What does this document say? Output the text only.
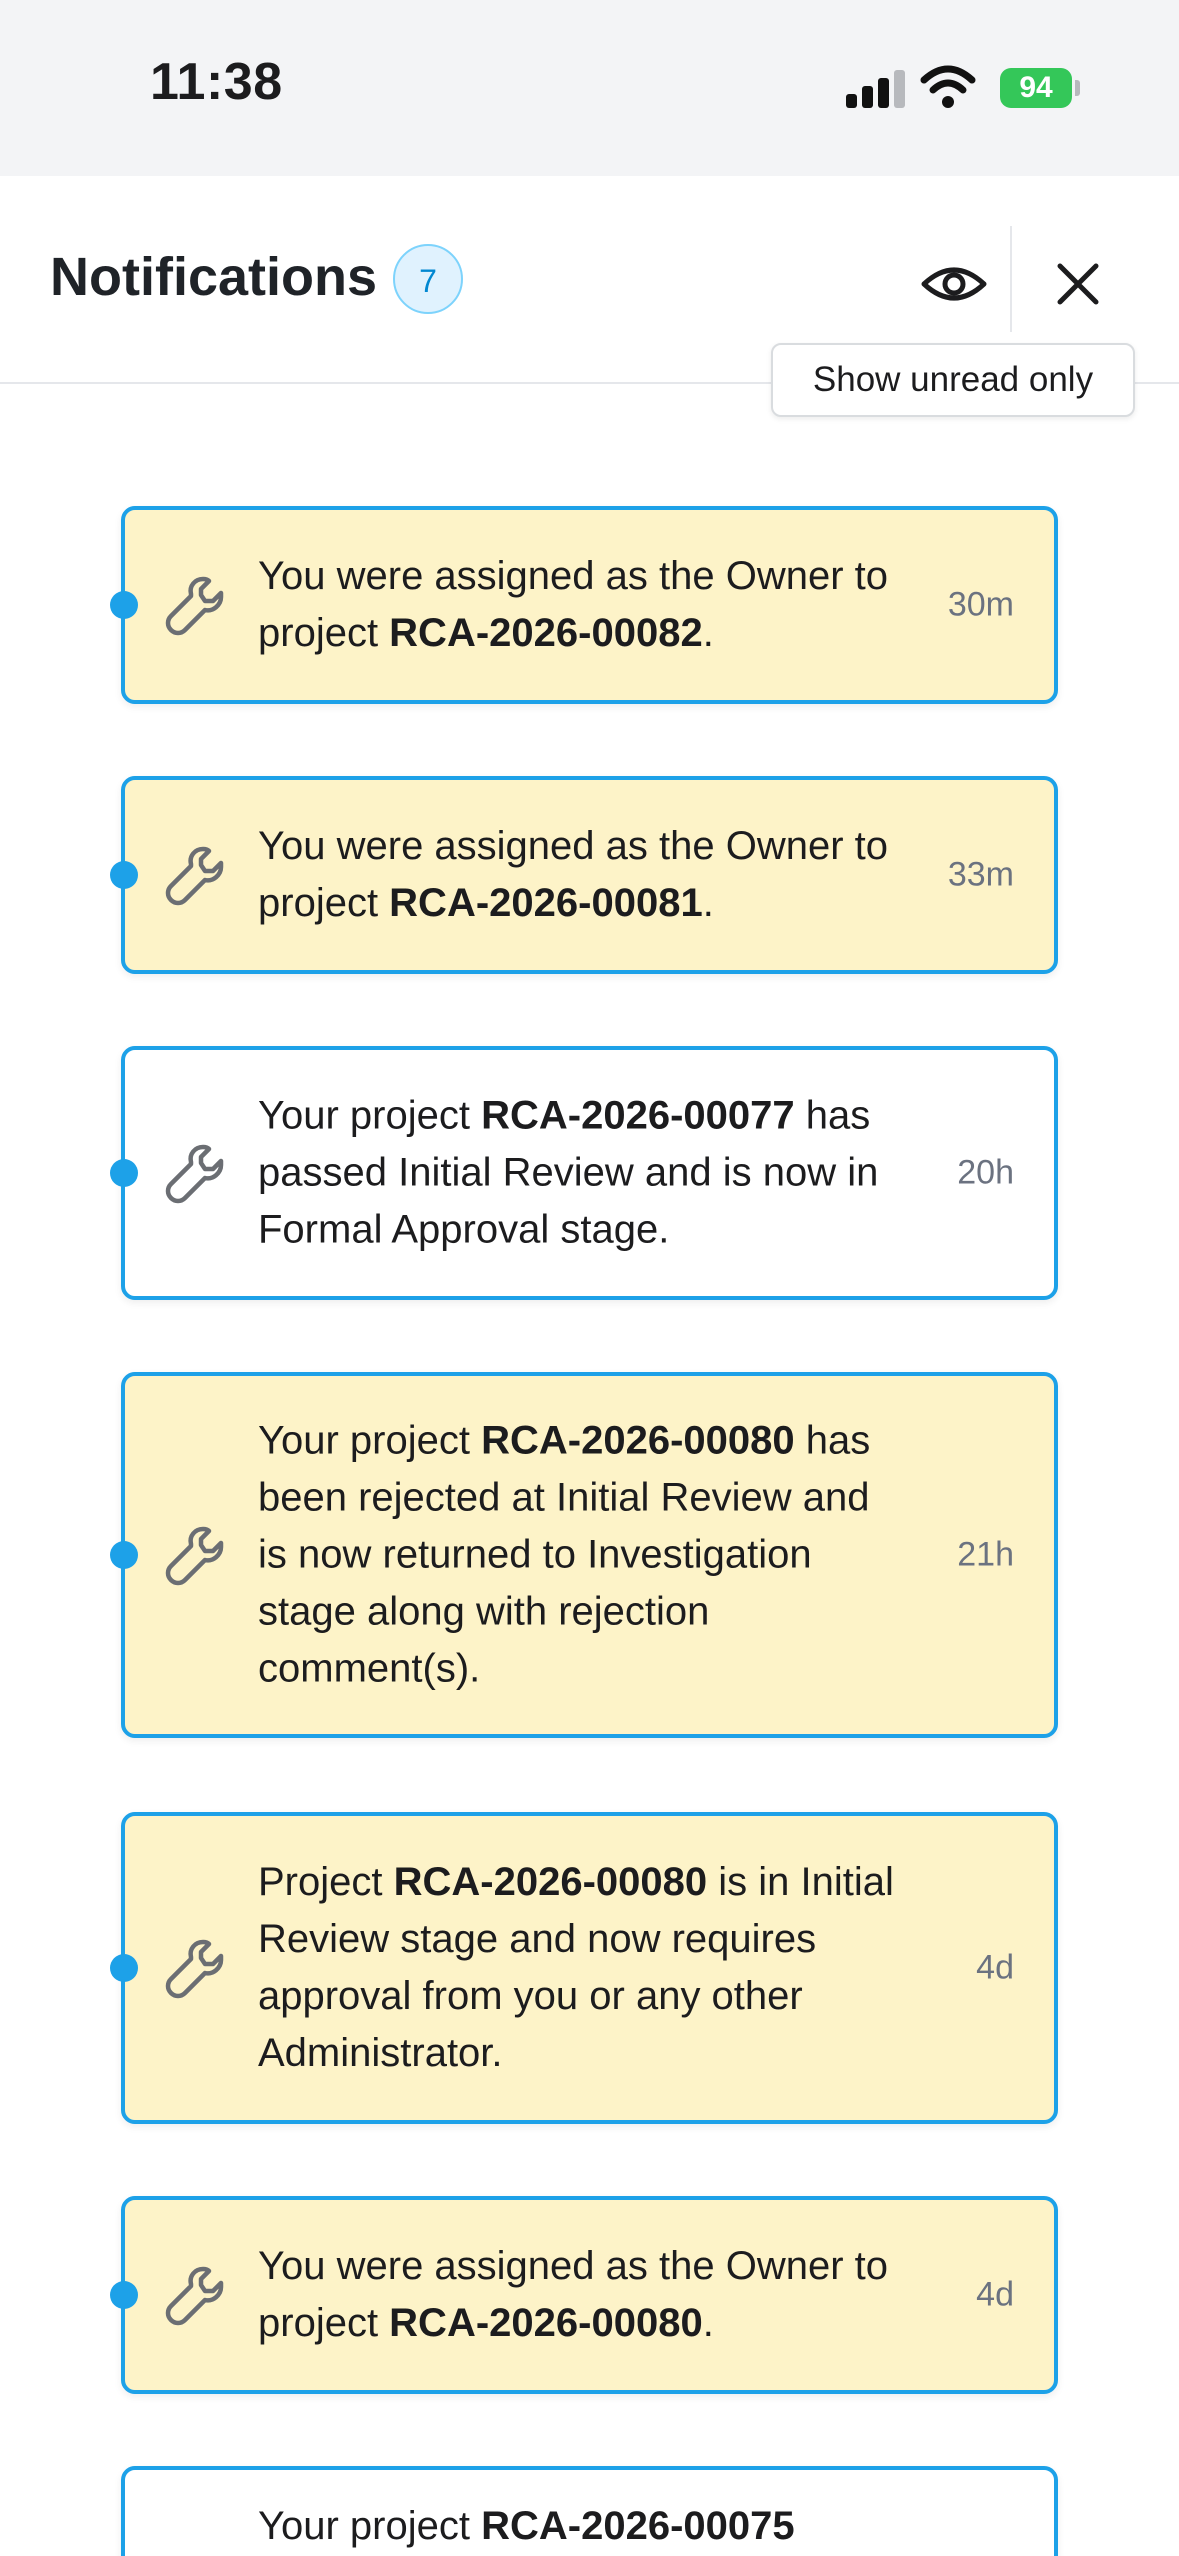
11:38	94
Notifications	7
Show unread only
You were assigned as the Owner to project RCA-2026-00082.
30m
You were assigned as the Owner to project RCA-2026-00081.
33m
Your project RCA-2026-00077 has passed Initial Review and is now in Formal Approval stage.
20h
Your project RCA-2026-00080 has been rejected at Initial Review and is now returned to Investigation stage along with rejection comment(s).
21h
Project RCA-2026-00080 is in Initial Review stage and now requires approval from you or any other Administrator.
4d
You were assigned as the Owner to project RCA-2026-00080.
4d
Your project RCA-2026-00075
